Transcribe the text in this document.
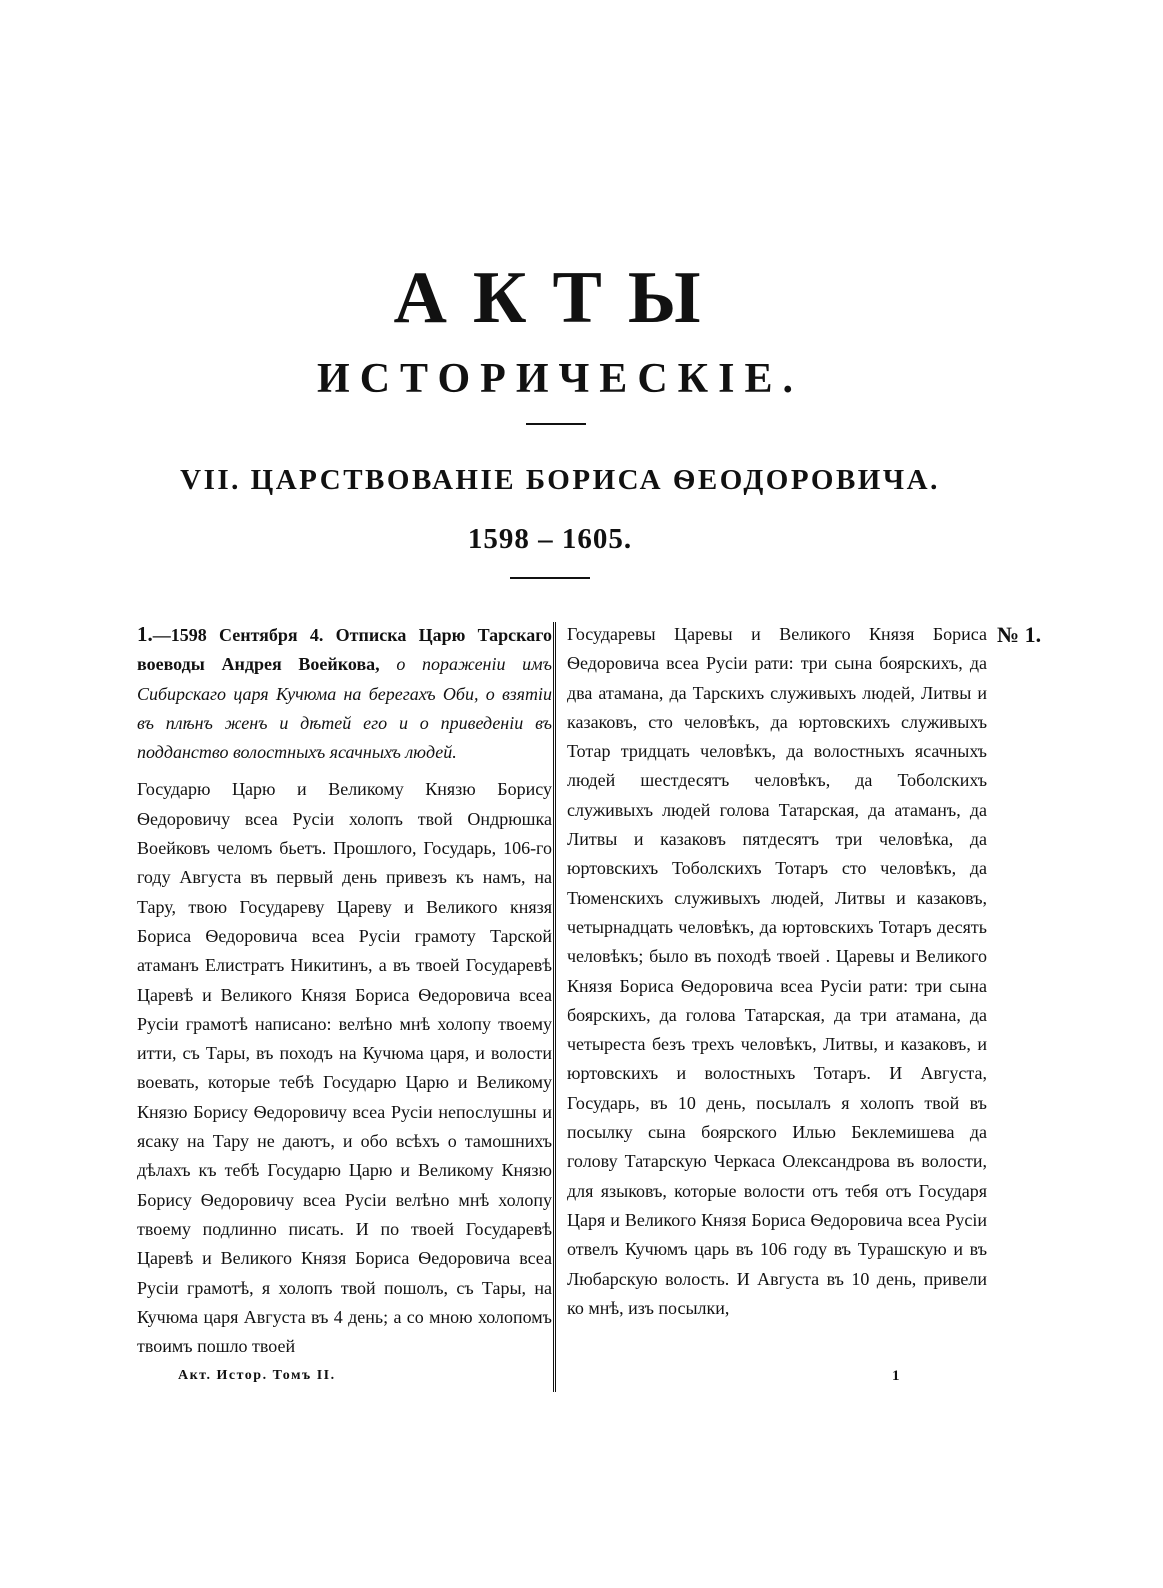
АКТЫ
ИСТОРИЧЕСКІЕ.
VII. ЦАРСТВОВАНІЕ БОРИСА ѲЕОДОРОВИЧА.
1598 – 1605.

1.—1598 Сентября 4. Отписка Царю Тарскаго воеводы Андрея Воейкова, о пораженіи имъ Сибирскаго царя Кучюма на берегахъ Оби, о взятіи въ плѣнъ женъ и дѣтей его и о приведеніи въ подданство волостныхъ ясачныхъ людей.

Государю Царю и Великому Князю Борису Ѳедоровичу всеа Русіи холопъ твой Ондрюшка Воейковъ челомъ бьетъ. Прошлого, Государь, 106-го году Августа въ первый день привезъ къ намъ, на Тару, твою Государеву Цареву и Великого князя Бориса Ѳедоровича всеа Русіи грамоту Тарской атаманъ Елистратъ Никитинъ, а въ твоей Государевѣ Царевѣ и Великого Князя Бориса Ѳедоровича всеа Русіи грамотѣ написано: велѣно мнѣ холопу твоему итти, съ Тары, въ походъ на Кучюма царя, и волости воевать, которые тебѣ Государю Царю и Великому Князю Борису Ѳедоровичу всеа Русіи непослушны и ясаку на Тару не даютъ, и обо всѣхъ о тамошнихъ дѣлахъ къ тебѣ Государю Царю и Великому Князю Борису Ѳедоровичу всеа Русіи велѣно мнѣ холопу твоему подлинно писать. И по твоей Государевѣ Царевѣ и Великого Князя Бориса Ѳедоровича всеа Русіи грамотѣ, я холопъ твой пошолъ, съ Тары, на Кучюма царя Августа въ 4 день; а со мною холопомъ твоимъ пошло твоей

Государевы Царевы и Великого Князя Бориса Ѳедоровича всеа Русіи рати: три сына боярскихъ, да два атамана, да Тарскихъ служивыхъ людей, Литвы и казаковъ, сто человѣкъ, да юртовскихъ служивыхъ Тотар тридцать человѣкъ, да волостныхъ ясачныхъ людей шестдесятъ человѣкъ, да Тоболскихъ служивыхъ людей голова Татарская, да атаманъ, да Литвы и казаковъ пятдесятъ три человѣка, да юртовскихъ Тоболскихъ Тотаръ сто человѣкъ, да Тюменскихъ служивыхъ людей, Литвы и казаковъ, четырнадцать человѣкъ, да юртовскихъ Тотаръ десять человѣкъ; было въ походѣ твоей . Царевы и Великого Князя Бориса Ѳедоровича всеа Русіи рати: три сына боярскихъ, да голова Татарская, да три атамана, да четыреста безъ трехъ человѣкъ, Литвы, и казаковъ, и юртовскихъ и волостныхъ Тотаръ. И Августа, Государь, въ 10 день, посылалъ я холопъ твой въ посылку сына боярского Илью Беклемишева да голову Татарскую Черкаса Олександрова въ волости, для языковъ, которые волости отъ тебя отъ Государя Царя и Великого Князя Бориса Ѳедоровича всеа Русіи отвелъ Кучюмъ царь въ 106 году въ Турашскую и въ Любарскую волость. И Августа въ 10 день, привели ко мнѣ, изъ посылки,

№ 1.
Акт. Истор. Томъ II.	1
